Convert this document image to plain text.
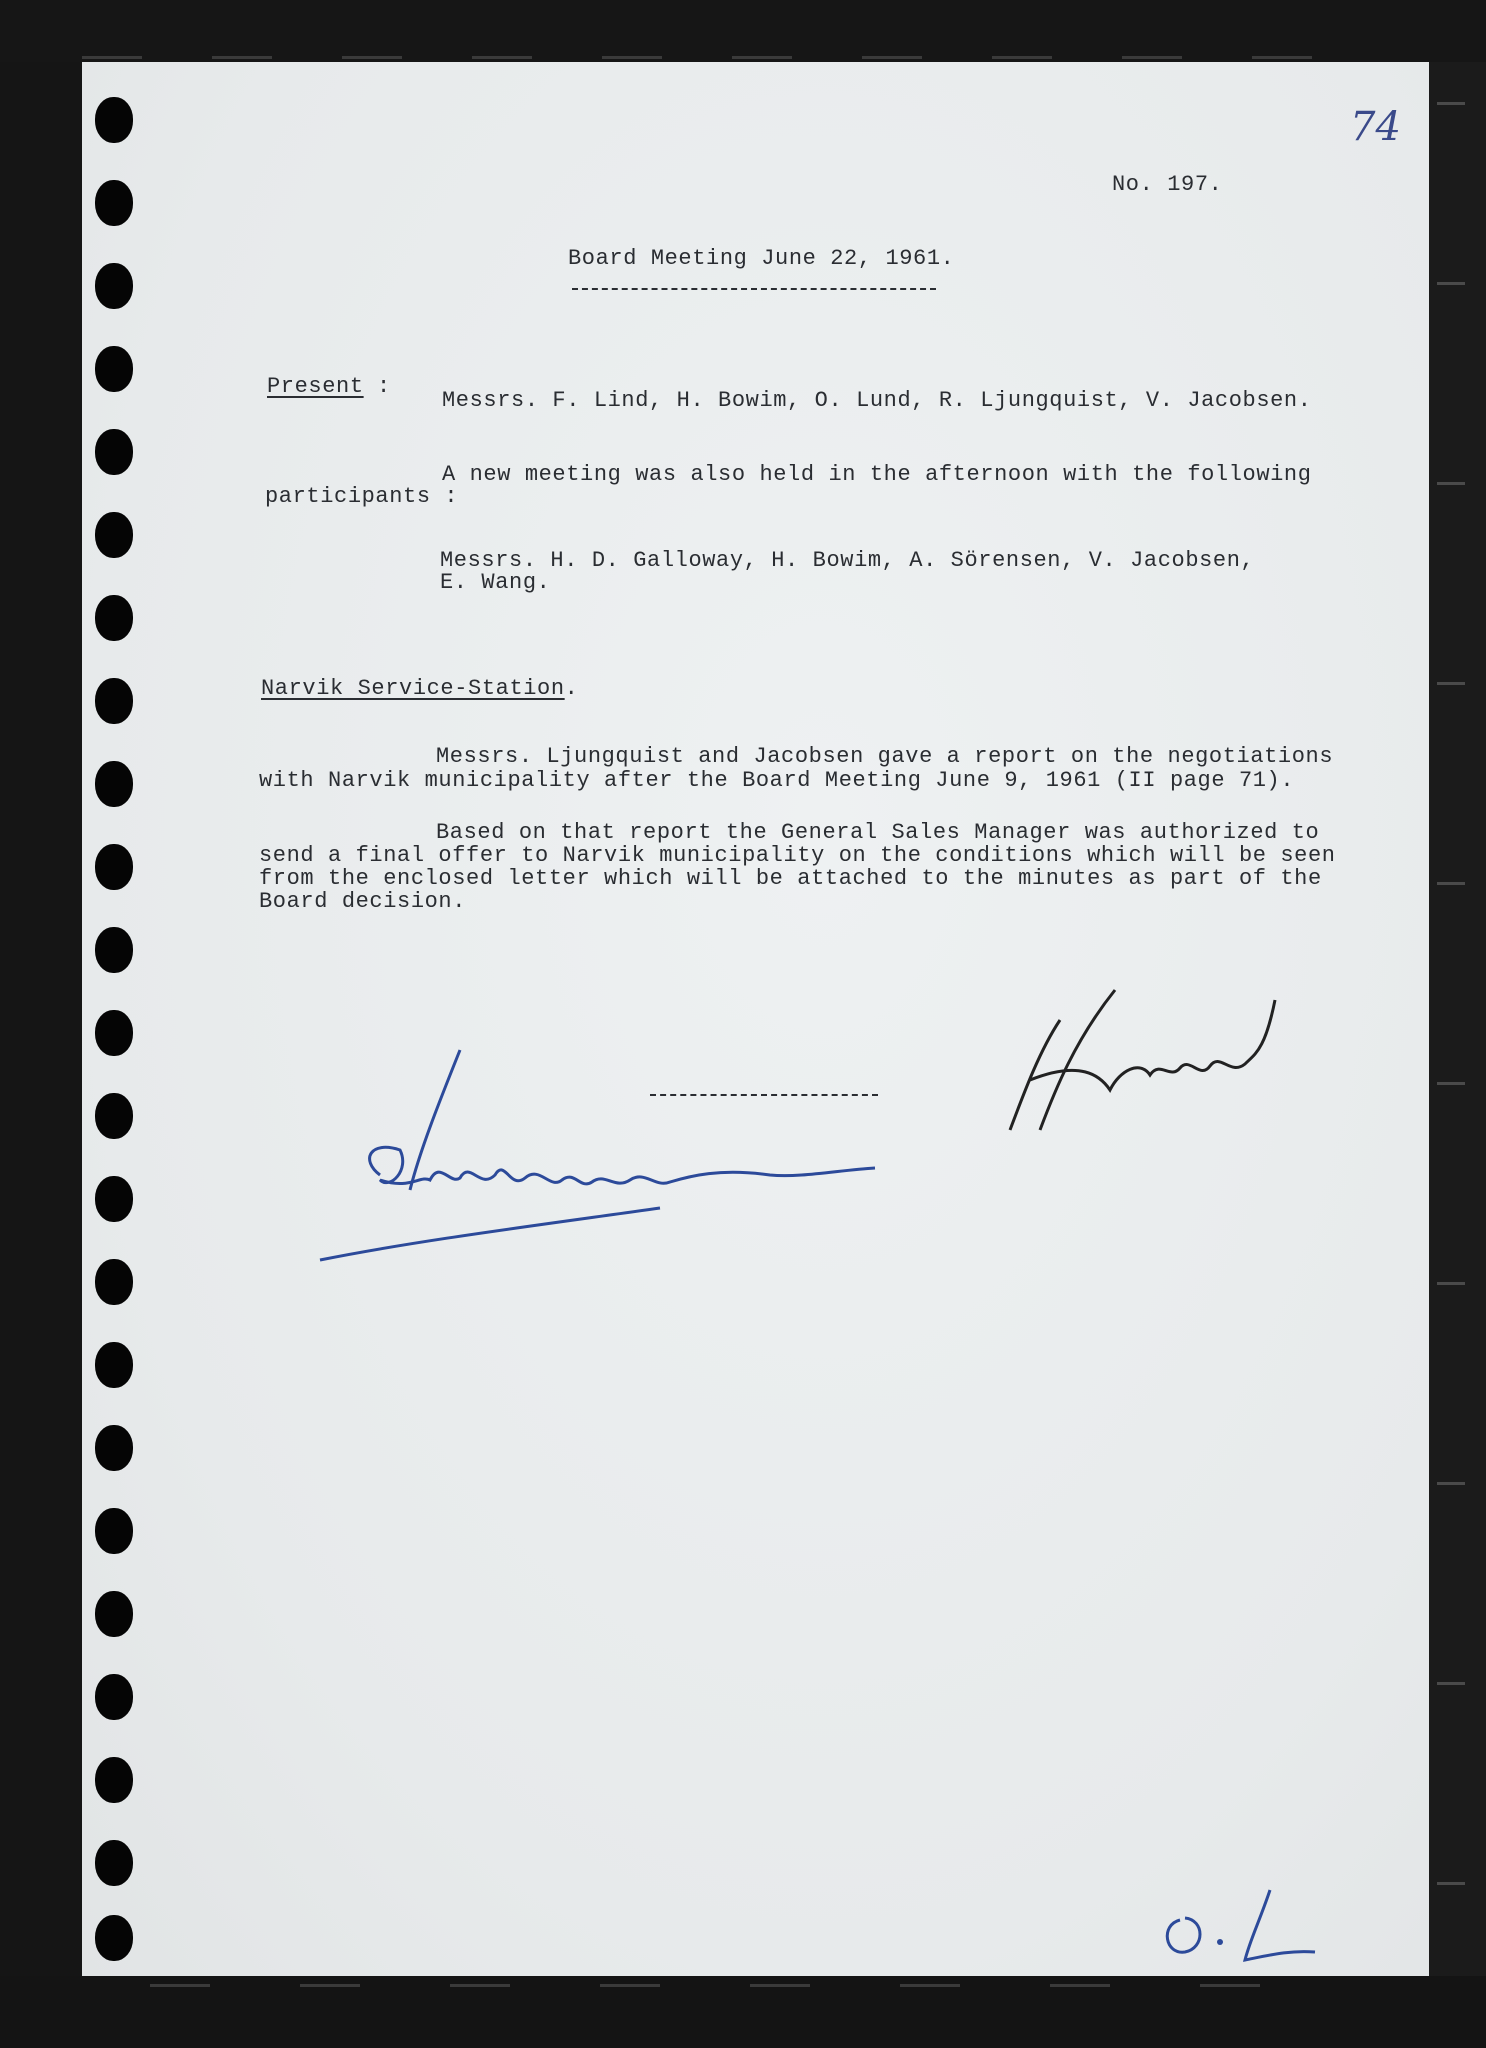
74
No. 197.
Board Meeting June 22, 1961.
Present :
Messrs. F. Lind, H. Bowim, O. Lund, R. Ljungquist, V. Jacobsen.
A new meeting was also held in the afternoon with the following
participants :
Messrs. H. D. Galloway, H. Bowim, A. Sörensen, V. Jacobsen,
E. Wang.
Narvik Service-Station.
Messrs. Ljungquist and Jacobsen gave a report on the negotiations
with Narvik municipality after the Board Meeting June 9, 1961 (II page 71).
Based on that report the General Sales Manager was authorized to
send a final offer to Narvik municipality on the conditions which will be seen
from the enclosed letter which will be attached to the minutes as part of the
Board decision.
